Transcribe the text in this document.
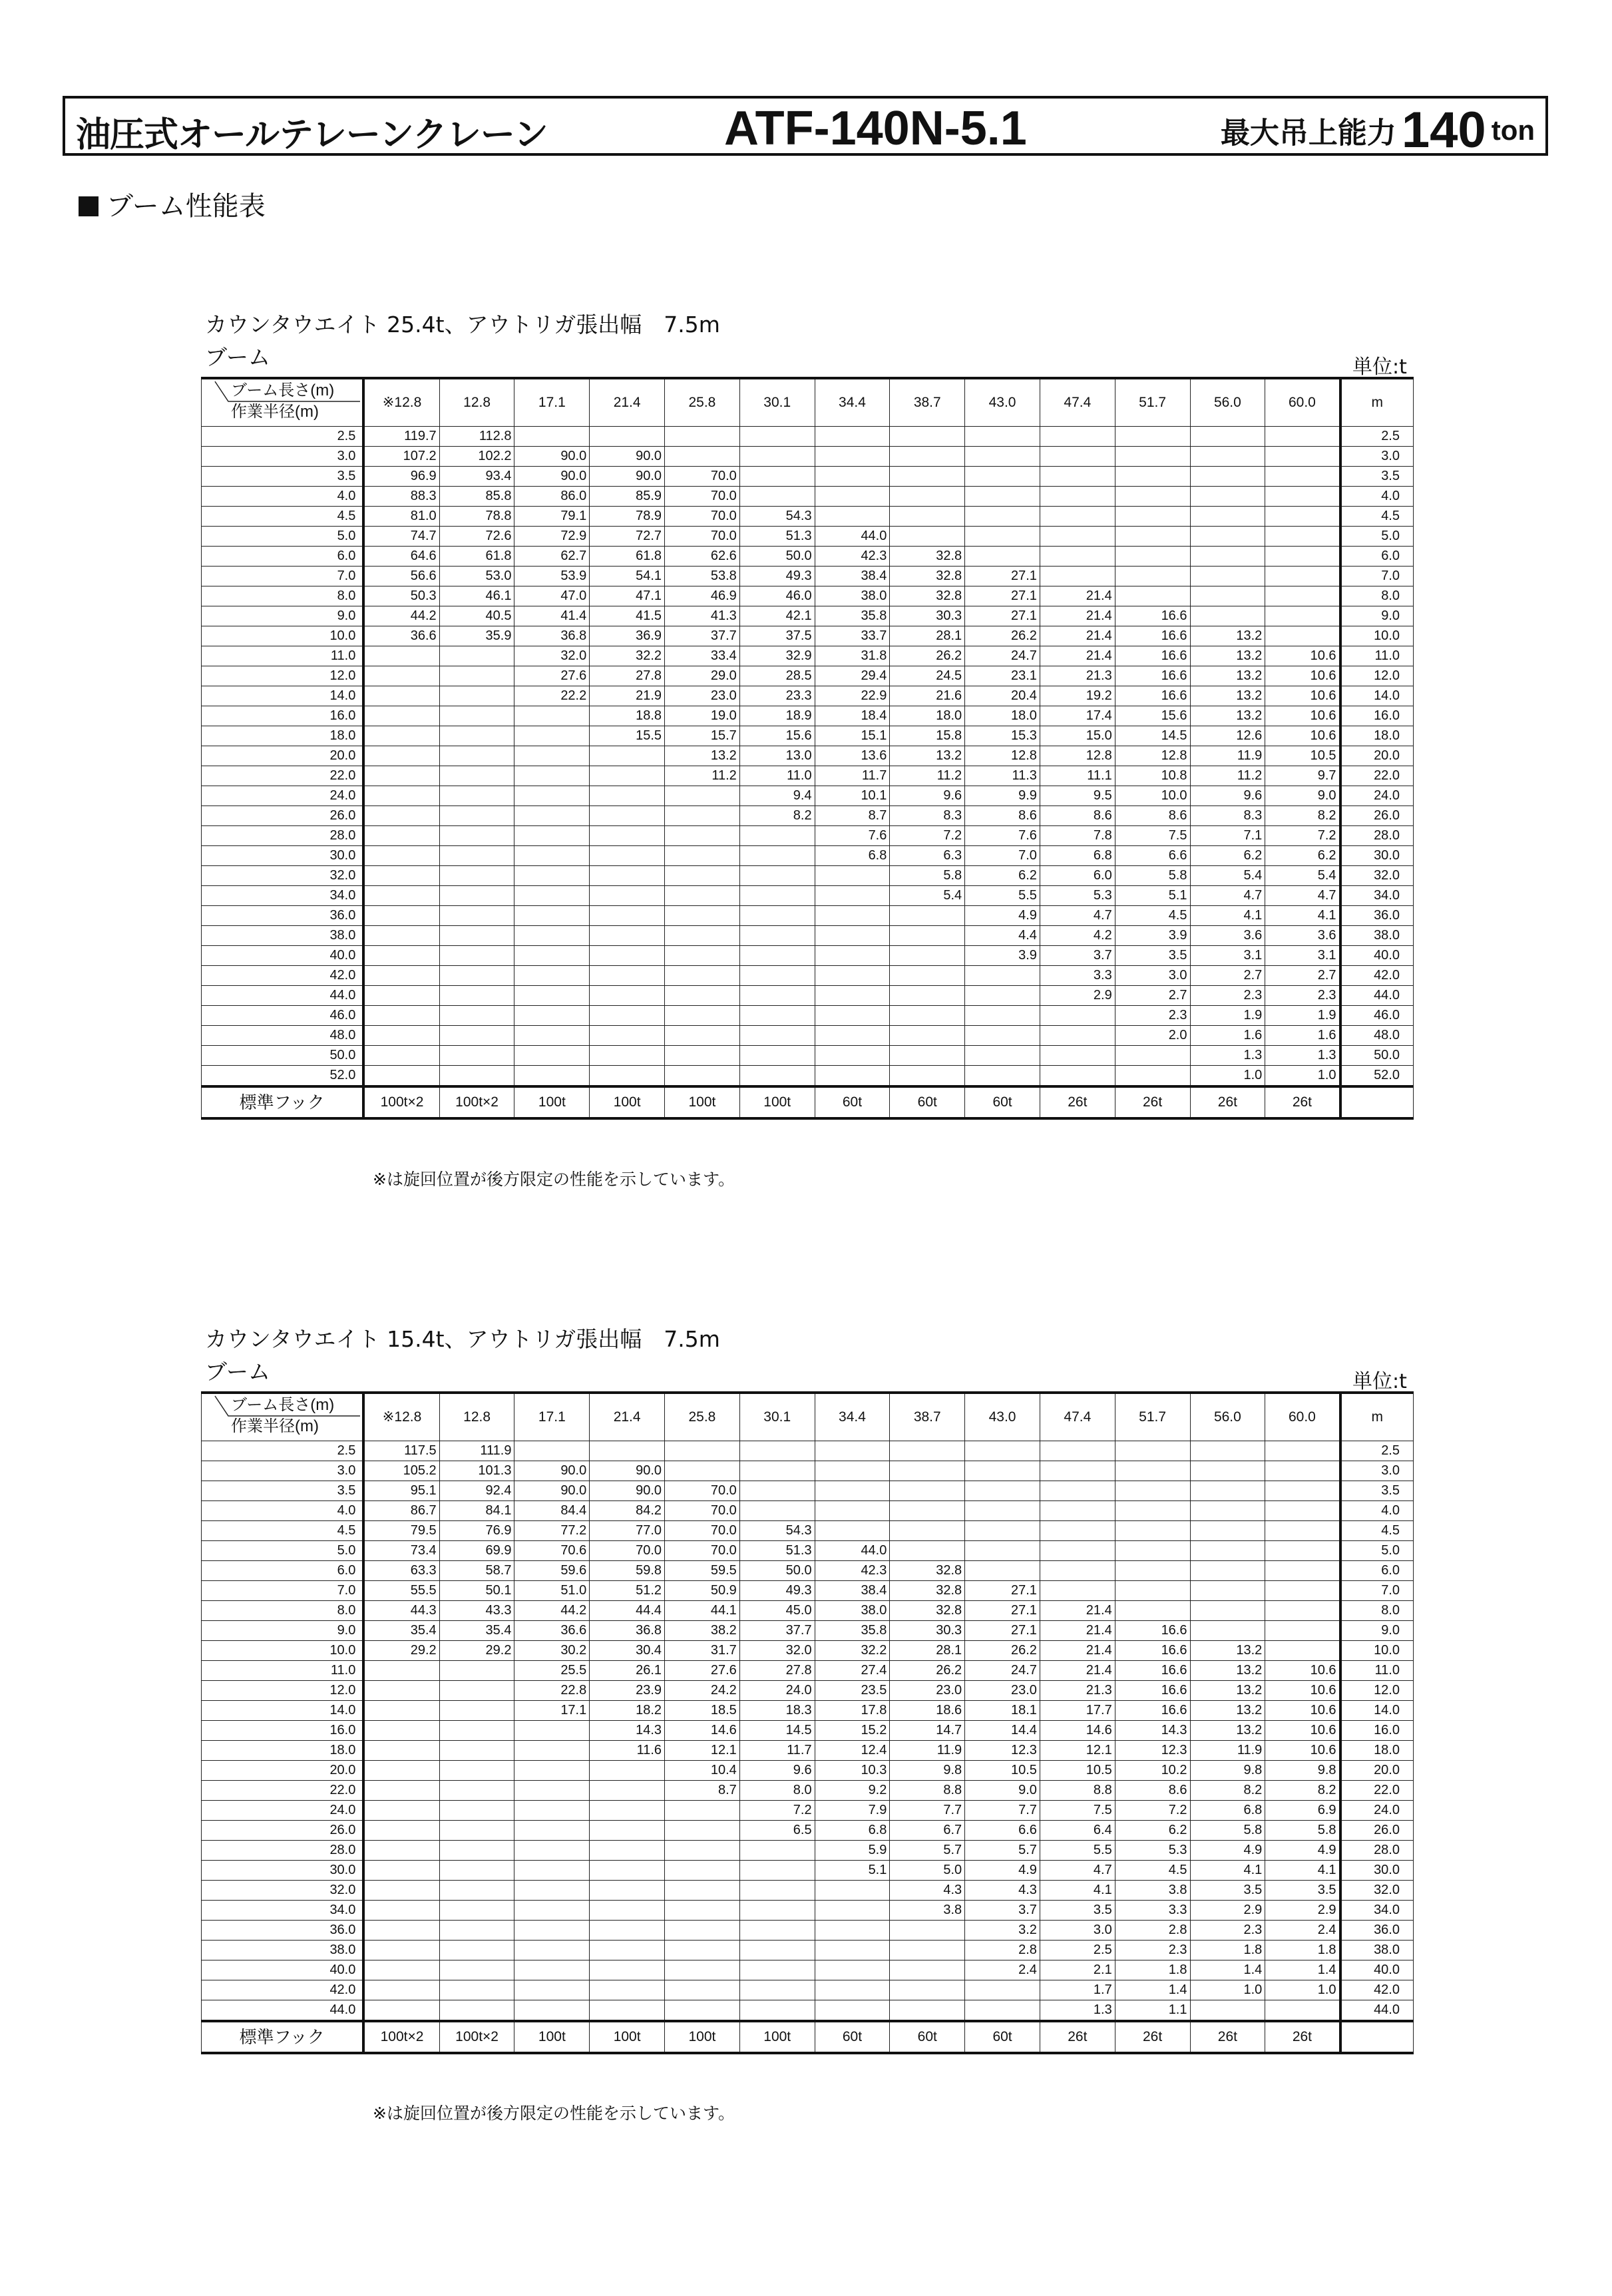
油圧式オールテレーンクレーン	ATF-140N-5.1	最大吊上能力 140 ton
ブーム性能表
カウンタウエイト 25.4t、アウトリガ張出幅　7.5m
ブーム	単位:t
ブーム長さ(m)
作業半径(m)	※12.8	12.8	17.1	21.4	25.8	30.1	34.4	38.7	43.0	47.4	51.7	56.0	60.0	m
2.5	119.7	112.8												2.5
3.0	107.2	102.2	90.0	90.0										3.0
3.5	96.9	93.4	90.0	90.0	70.0									3.5
4.0	88.3	85.8	86.0	85.9	70.0									4.0
4.5	81.0	78.8	79.1	78.9	70.0	54.3								4.5
5.0	74.7	72.6	72.9	72.7	70.0	51.3	44.0							5.0
6.0	64.6	61.8	62.7	61.8	62.6	50.0	42.3	32.8						6.0
7.0	56.6	53.0	53.9	54.1	53.8	49.3	38.4	32.8	27.1					7.0
8.0	50.3	46.1	47.0	47.1	46.9	46.0	38.0	32.8	27.1	21.4				8.0
9.0	44.2	40.5	41.4	41.5	41.3	42.1	35.8	30.3	27.1	21.4	16.6			9.0
10.0	36.6	35.9	36.8	36.9	37.7	37.5	33.7	28.1	26.2	21.4	16.6	13.2		10.0
11.0			32.0	32.2	33.4	32.9	31.8	26.2	24.7	21.4	16.6	13.2	10.6	11.0
12.0			27.6	27.8	29.0	28.5	29.4	24.5	23.1	21.3	16.6	13.2	10.6	12.0
14.0			22.2	21.9	23.0	23.3	22.9	21.6	20.4	19.2	16.6	13.2	10.6	14.0
16.0				18.8	19.0	18.9	18.4	18.0	18.0	17.4	15.6	13.2	10.6	16.0
18.0				15.5	15.7	15.6	15.1	15.8	15.3	15.0	14.5	12.6	10.6	18.0
20.0					13.2	13.0	13.6	13.2	12.8	12.8	12.8	11.9	10.5	20.0
22.0					11.2	11.0	11.7	11.2	11.3	11.1	10.8	11.2	9.7	22.0
24.0						9.4	10.1	9.6	9.9	9.5	10.0	9.6	9.0	24.0
26.0						8.2	8.7	8.3	8.6	8.6	8.6	8.3	8.2	26.0
28.0							7.6	7.2	7.6	7.8	7.5	7.1	7.2	28.0
30.0							6.8	6.3	7.0	6.8	6.6	6.2	6.2	30.0
32.0								5.8	6.2	6.0	5.8	5.4	5.4	32.0
34.0								5.4	5.5	5.3	5.1	4.7	4.7	34.0
36.0									4.9	4.7	4.5	4.1	4.1	36.0
38.0									4.4	4.2	3.9	3.6	3.6	38.0
40.0									3.9	3.7	3.5	3.1	3.1	40.0
42.0										3.3	3.0	2.7	2.7	42.0
44.0										2.9	2.7	2.3	2.3	44.0
46.0											2.3	1.9	1.9	46.0
48.0											2.0	1.6	1.6	48.0
50.0												1.3	1.3	50.0
52.0												1.0	1.0	52.0
標準フック	100t×2	100t×2	100t	100t	100t	100t	60t	60t	60t	26t	26t	26t	26t	
※は旋回位置が後方限定の性能を示しています。
カウンタウエイト 15.4t、アウトリガ張出幅　7.5m
ブーム	単位:t
ブーム長さ(m)
作業半径(m)	※12.8	12.8	17.1	21.4	25.8	30.1	34.4	38.7	43.0	47.4	51.7	56.0	60.0	m
2.5	117.5	111.9												2.5
3.0	105.2	101.3	90.0	90.0										3.0
3.5	95.1	92.4	90.0	90.0	70.0									3.5
4.0	86.7	84.1	84.4	84.2	70.0									4.0
4.5	79.5	76.9	77.2	77.0	70.0	54.3								4.5
5.0	73.4	69.9	70.6	70.0	70.0	51.3	44.0							5.0
6.0	63.3	58.7	59.6	59.8	59.5	50.0	42.3	32.8						6.0
7.0	55.5	50.1	51.0	51.2	50.9	49.3	38.4	32.8	27.1					7.0
8.0	44.3	43.3	44.2	44.4	44.1	45.0	38.0	32.8	27.1	21.4				8.0
9.0	35.4	35.4	36.6	36.8	38.2	37.7	35.8	30.3	27.1	21.4	16.6			9.0
10.0	29.2	29.2	30.2	30.4	31.7	32.0	32.2	28.1	26.2	21.4	16.6	13.2		10.0
11.0			25.5	26.1	27.6	27.8	27.4	26.2	24.7	21.4	16.6	13.2	10.6	11.0
12.0			22.8	23.9	24.2	24.0	23.5	23.0	23.0	21.3	16.6	13.2	10.6	12.0
14.0			17.1	18.2	18.5	18.3	17.8	18.6	18.1	17.7	16.6	13.2	10.6	14.0
16.0				14.3	14.6	14.5	15.2	14.7	14.4	14.6	14.3	13.2	10.6	16.0
18.0				11.6	12.1	11.7	12.4	11.9	12.3	12.1	12.3	11.9	10.6	18.0
20.0					10.4	9.6	10.3	9.8	10.5	10.5	10.2	9.8	9.8	20.0
22.0					8.7	8.0	9.2	8.8	9.0	8.8	8.6	8.2	8.2	22.0
24.0						7.2	7.9	7.7	7.7	7.5	7.2	6.8	6.9	24.0
26.0						6.5	6.8	6.7	6.6	6.4	6.2	5.8	5.8	26.0
28.0							5.9	5.7	5.7	5.5	5.3	4.9	4.9	28.0
30.0							5.1	5.0	4.9	4.7	4.5	4.1	4.1	30.0
32.0								4.3	4.3	4.1	3.8	3.5	3.5	32.0
34.0								3.8	3.7	3.5	3.3	2.9	2.9	34.0
36.0									3.2	3.0	2.8	2.3	2.4	36.0
38.0									2.8	2.5	2.3	1.8	1.8	38.0
40.0									2.4	2.1	1.8	1.4	1.4	40.0
42.0										1.7	1.4	1.0	1.0	42.0
44.0										1.3	1.1			44.0
標準フック	100t×2	100t×2	100t	100t	100t	100t	60t	60t	60t	26t	26t	26t	26t	
※は旋回位置が後方限定の性能を示しています。
